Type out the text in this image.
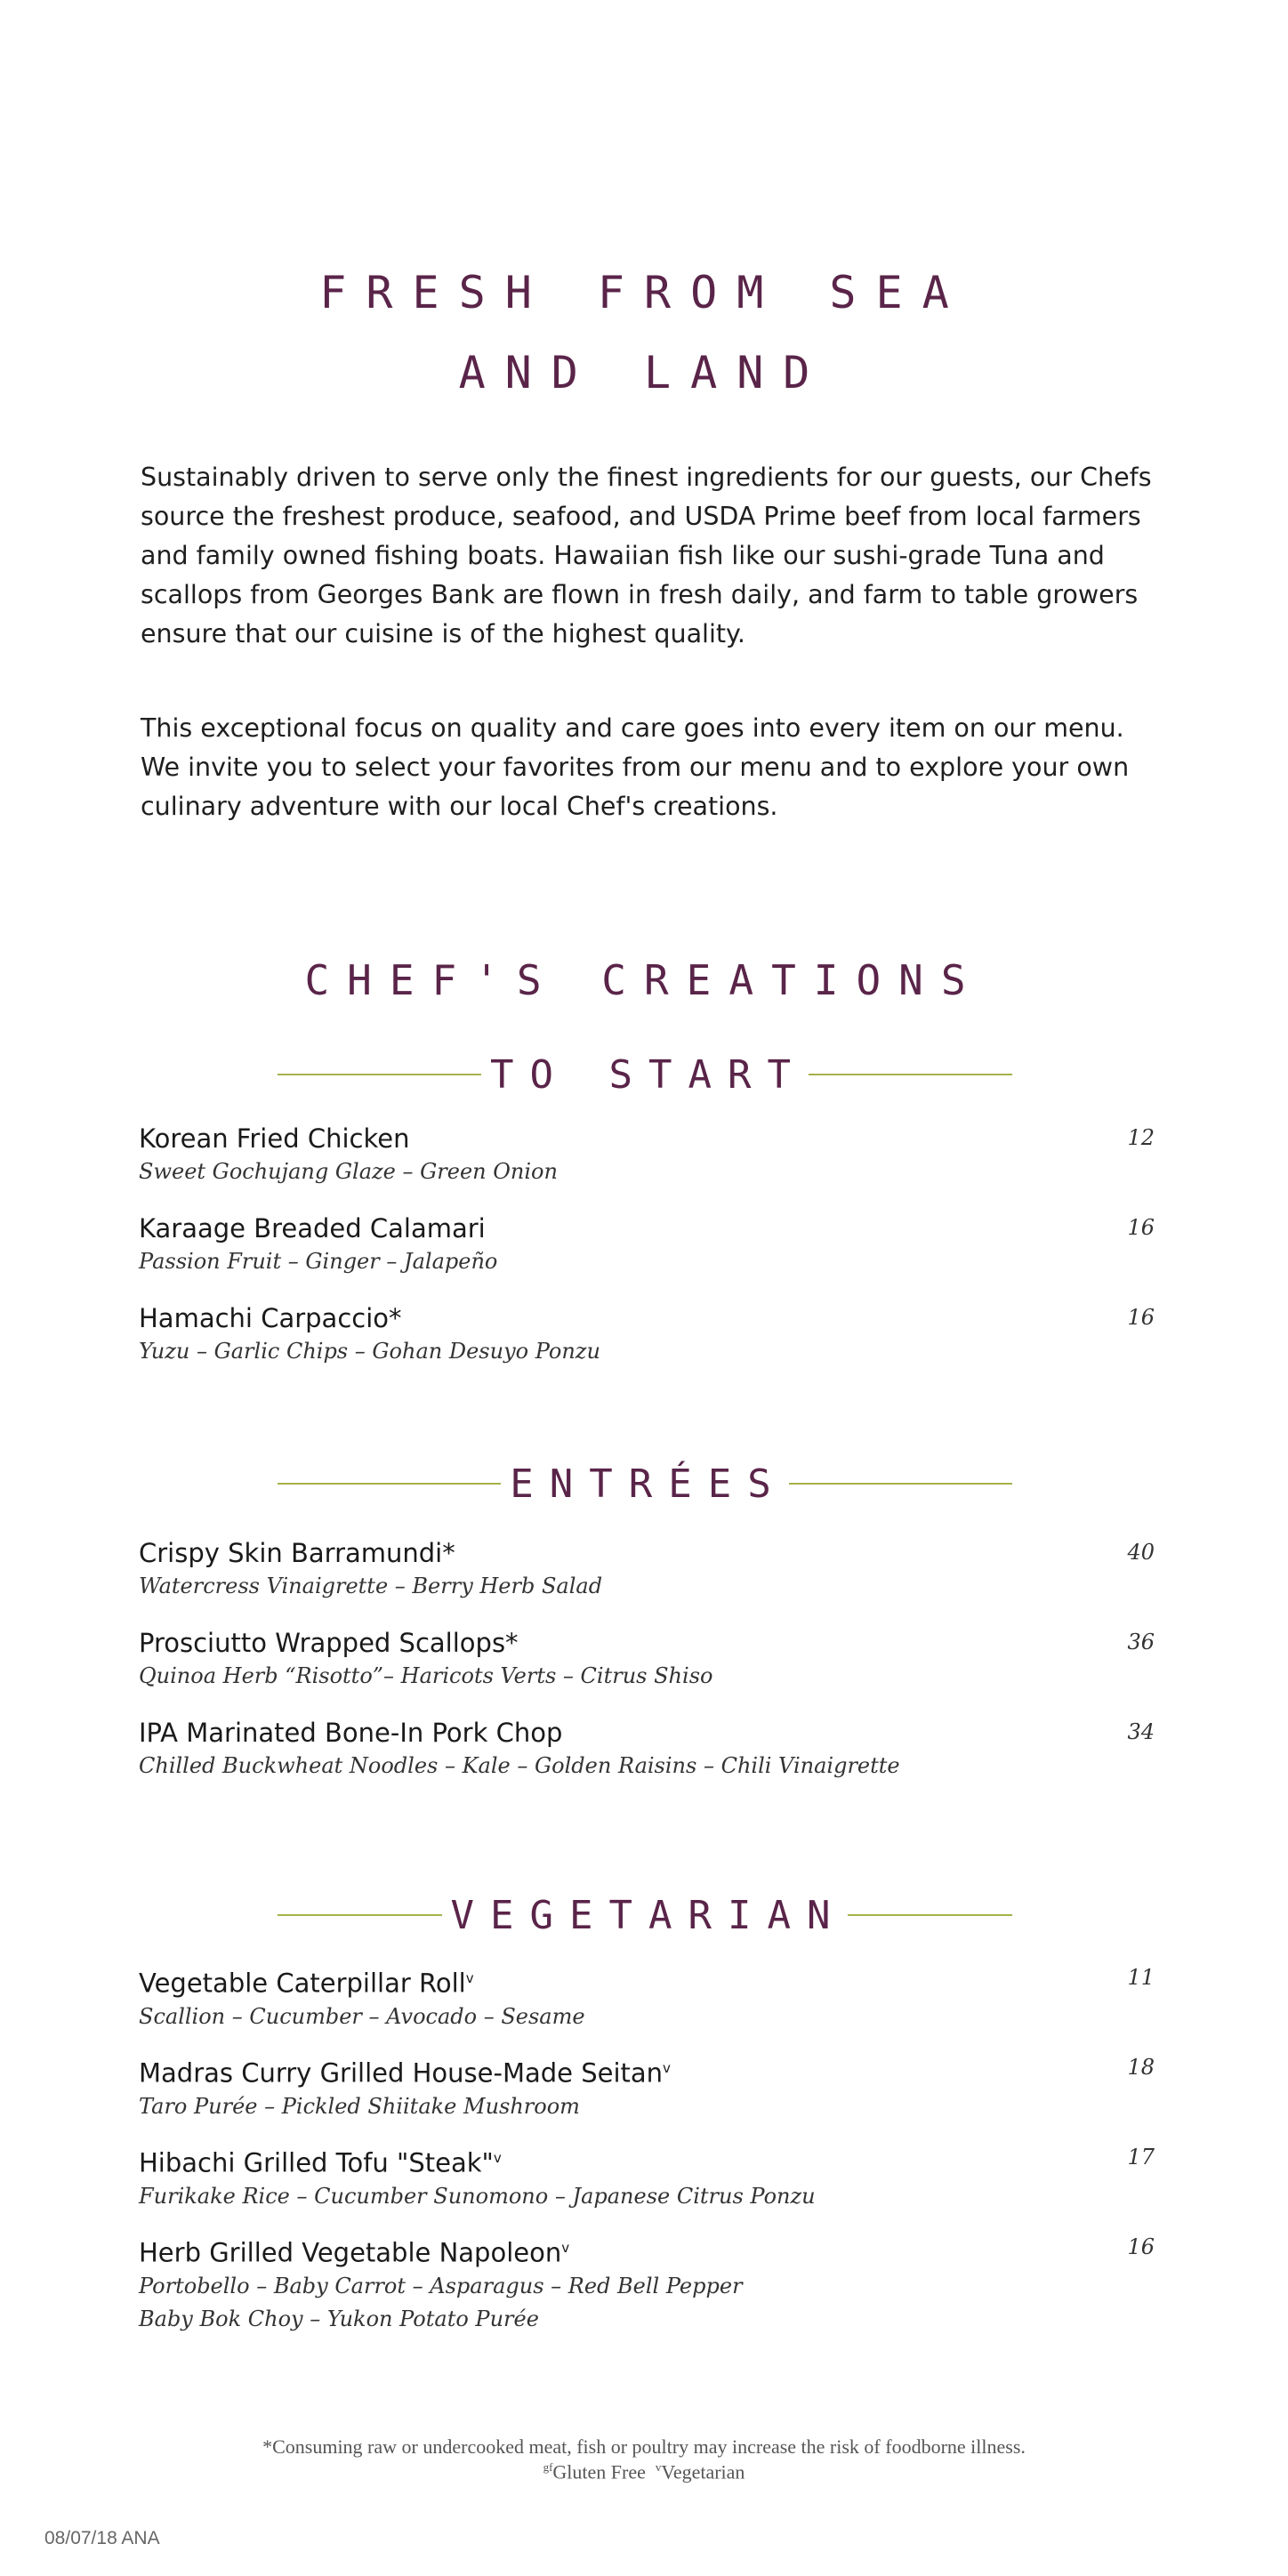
FRESH FROM SEA
AND LAND

Sustainably driven to serve only the finest ingredients for our guests, our Chefs source the freshest produce, seafood, and USDA Prime beef from local farmers and family owned fishing boats. Hawaiian fish like our sushi-grade Tuna and scallops from Georges Bank are flown in fresh daily, and farm to table growers ensure that our cuisine is of the highest quality.

This exceptional focus on quality and care goes into every item on our menu. We invite you to select your favorites from our menu and to explore your own culinary adventure with our local Chef's creations.

CHEF'S CREATIONS
TO START
Korean Fried Chicken
Sweet Gochujang Glaze – Green Onion
12
Karaage Breaded Calamari
Passion Fruit – Ginger – Jalapeño
16
Hamachi Carpaccio*
Yuzu – Garlic Chips – Gohan Desuyo Ponzu
16
ENTRÉES
Crispy Skin Barramundi*
Watercress Vinaigrette – Berry Herb Salad
40
Prosciutto Wrapped Scallops*
Quinoa Herb “Risotto”– Haricots Verts – Citrus Shiso
36
IPA Marinated Bone-In Pork Chop
Chilled Buckwheat Noodles – Kale – Golden Raisins – Chili Vinaigrette
34
VEGETARIAN
Vegetable Caterpillar Roll$^v$
Scallion – Cucumber – Avocado – Sesame
11
Madras Curry Grilled House-Made Seitan$^v$
Taro Purée – Pickled Shiitake Mushroom
18
Hibachi Grilled Tofu "Steak"$^v$
Furikake Rice – Cucumber Sunomono – Japanese Citrus Ponzu
17
Herb Grilled Vegetable Napoleon$^v$
Portobello – Baby Carrot – Asparagus – Red Bell Pepper
Baby Bok Choy – Yukon Potato Purée
16
*Consuming raw or undercooked meat, fish or poultry may increase the risk of foodborne illness.
$^{gf}$Gluten Free $^v$Vegetarian
08/07/18 ANA
